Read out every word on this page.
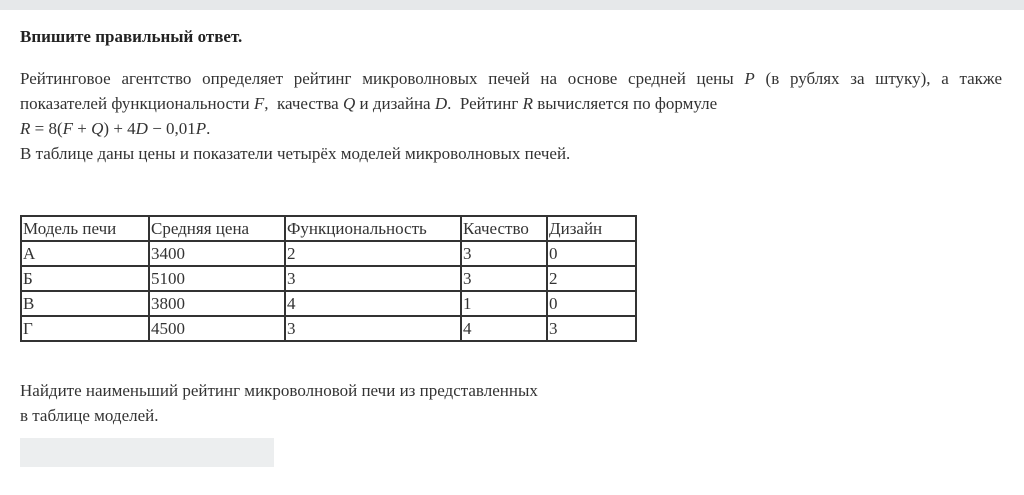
Впишите правильный ответ.

Рейтинговое агентство определяет рейтинг микроволновых печей на основе средней цены P (в рублях за штуку), а также

показателей функциональности F,  качества Q и дизайна D.  Рейтинг R вычисляется по формуле

R = 8(F + Q) + 4D − 0,01P.

В таблице даны цены и показатели четырёх моделей микроволновых печей.

Модель печи	Средняя цена	Функциональность	Качество	Дизайн
А	3400	2	3	0
Б	5100	3	3	2
В	3800	4	1	0
Г	4500	3	4	3
Найдите наименьший рейтинг микроволновой печи из представленных
в таблице моделей.
